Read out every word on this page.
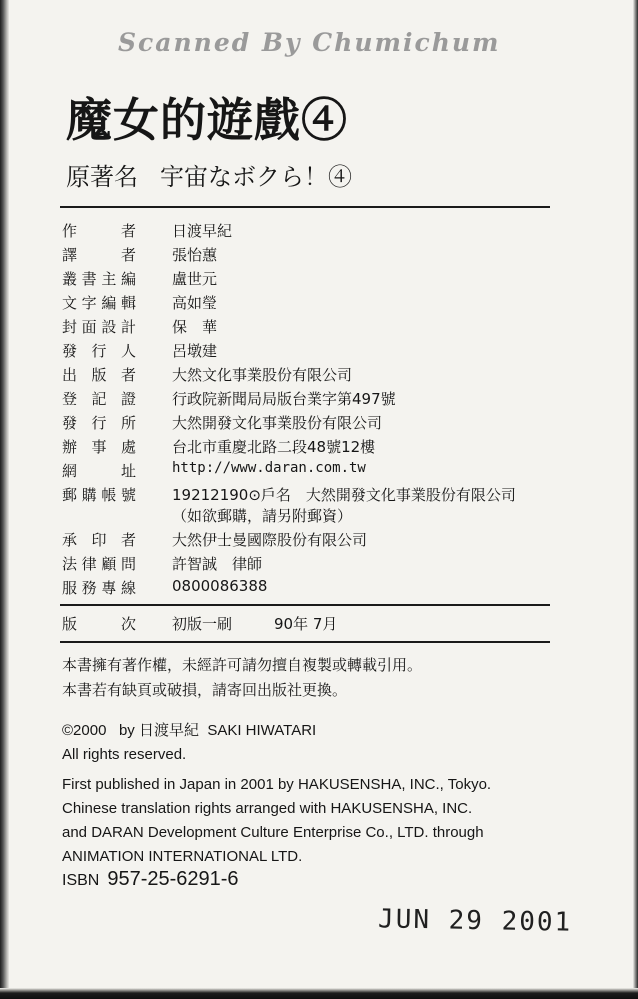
Scanned By Chumichum
魔女的遊戲④
原著名 宇宙なボクら！④
作	者 日渡早紀
譯	者 張怡蕙
叢 書 主 編 盧世元
文 字 編 輯 高如瑩
封 面 設 計 保　華
發 行 人 呂墩建
出 版 者 大然文化事業股份有限公司
登 記 證 行政院新聞局局版台業字第497號
發 行 所 大然開發文化事業股份有限公司
辦 事 處 台北市重慶北路二段48號12樓
網	址	http://www.daran.com.tw
郵 購 帳 號 19212190⊙戶名　大然開發文化事業股份有限公司
（如欲郵購，請另附郵資）
承 印 者 大然伊士曼國際股份有限公司
法 律 顧 問 許智誠　律師
服 務 專 線 0800086388
版	次 初版一刷	90年 7月
本書擁有著作權，未經許可請勿擅自複製或轉載引用。
本書若有缺頁或破損，請寄回出版社更換。
©2000 by 日渡早紀 SAKI HIWATARI
All rights reserved.
First published in Japan in 2001 by HAKUSENSHA, INC., Tokyo.
Chinese translation rights arranged with HAKUSENSHA, INC.
and DARAN Development Culture Enterprise Co., LTD. through
ANIMATION INTERNATIONAL LTD.
ISBN 957-25-6291-6
JUN 29 2001
